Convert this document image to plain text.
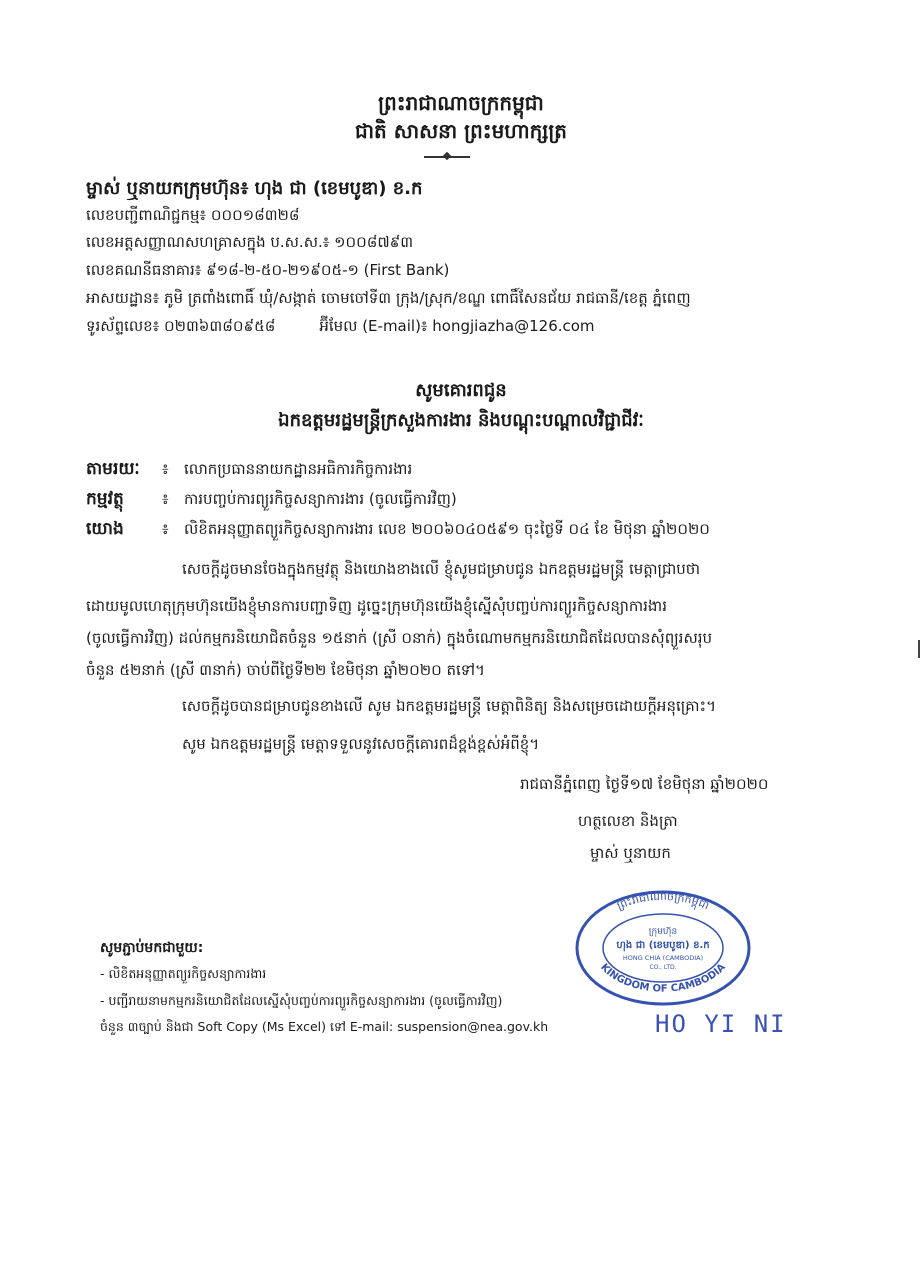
ព្រះរាជាណាចក្រកម្ពុជា
ជាតិ សាសនា ព្រះមហាក្សត្រ
ម្ចាស់ ឬនាយកក្រុមហ៊ុន៖ ហុង ជា (ខេមបូឌា) ខ.ក
លេខបញ្ជីពាណិជ្ជកម្ម៖ ០០០១៨៣២៨
លេខអត្តសញ្ញាណសហគ្រាសក្នុង ប.ស.ស.៖ ១០០៨៧៩៣
លេខគណនីធនាគារ៖ ៩១៨-២-៥០-២១៩០៥-១ (First Bank)
អាសយដ្ឋាន៖ ភូមិ ត្រពាំងពោធិ៍ ឃុំ/សង្កាត់ ចោមចៅទី៣ ក្រុង/ស្រុក/ខណ្ឌ ពោធិ៍សែនជ័យ រាជធានី/ខេត្ត ភ្នំពេញ
ទូរស័ព្ទលេខ៖ ០២៣៦៣៨០៩៥៨	អ៊ីមែល (E-mail)៖ hongjiazha@126.com
សូមគោរពជូន
ឯកឧត្តមរដ្ឋមន្ត្រីក្រសួងការងារ និងបណ្តុះបណ្តាលវិជ្ជាជីវៈ
តាមរយៈ ៖ លោកប្រធាននាយកដ្ឋានអធិការកិច្ចការងារ
កម្មវត្ថុ	៖ ការបញ្ចប់ការព្យួរកិច្ចសន្យាការងារ (ចូលធ្វើការវិញ)
យោង	៖ លិខិតអនុញ្ញាតព្យួរកិច្ចសន្យាការងារ លេខ ២០០៦០៤០៥៩១ ចុះថ្ងៃទី ០៤ ខែ មិថុនា ឆ្នាំ២០២០
សេចក្តីដូចមានចែងក្នុងកម្មវត្ថុ និងយោងខាងលើ ខ្ញុំសូមជម្រាបជូន ឯកឧត្តមរដ្ឋមន្ត្រី មេត្តាជ្រាបថា
ដោយមូលហេតុក្រុមហ៊ុនយើងខ្ញុំមានការបញ្ជាទិញ ដូច្នេះក្រុមហ៊ុនយើងខ្ញុំស្នើសុំបញ្ចប់ការព្យួរកិច្ចសន្យាការងារ
(ចូលធ្វើការវិញ) ដល់កម្មករនិយោជិតចំនួន ១៥នាក់ (ស្រី ០នាក់) ក្នុងចំណោមកម្មករនិយោជិតដែលបានសុំព្យួរសរុប
ចំនួន ៥២នាក់ (ស្រី ៣នាក់) ចាប់ពីថ្ងៃទី២២ ខែមិថុនា ឆ្នាំ២០២០ តទៅ។
សេចក្តីដូចបានជម្រាបជូនខាងលើ សូម ឯកឧត្តមរដ្ឋមន្ត្រី មេត្តាពិនិត្យ និងសម្រេចដោយក្តីអនុគ្រោះ។
សូម ឯកឧត្តមរដ្ឋមន្ត្រី មេត្តាទទួលនូវសេចក្តីគោរពដ៏ខ្ពង់ខ្ពស់អំពីខ្ញុំ។
រាជធានីភ្នំពេញ ថ្ងៃទី១៧ ខែមិថុនា ឆ្នាំ២០២០
ហត្ថលេខា និងត្រា
ម្ចាស់ ឬនាយក
ព្រះរាជាណាចក្រកម្ពុជា
KINGDOM OF CAMBODIA
ក្រុមហ៊ុន
ហុង ជា (ខេមបូឌា) ខ.ក
HONG CHIA (CAMBODIA)
CO., LTD.
HO YI NI
សូមភ្ជាប់មកជាមួយ:
- លិខិតអនុញ្ញាតព្យួរកិច្ចសន្យាការងារ
- បញ្ជីរាយនាមកម្មករនិយោជិតដែលស្នើសុំបញ្ចប់ការព្យួរកិច្ចសន្យាការងារ (ចូលធ្វើការវិញ)
ចំនួន ៣ច្បាប់ និងជា Soft Copy (Ms Excel) ទៅ E-mail: suspension@nea.gov.kh
